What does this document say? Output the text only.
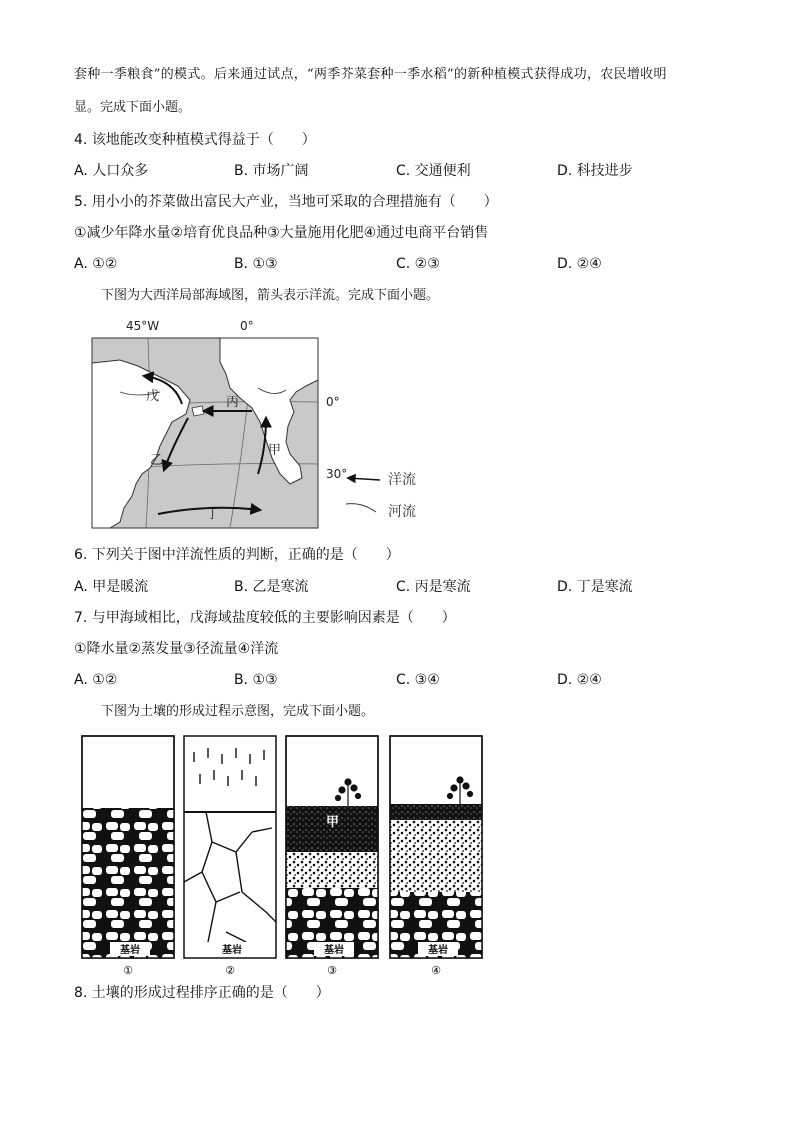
套种一季粮食”的模式。后来通过试点，“两季芥菜套种一季水稻”的新种植模式获得成功，农民增收明
显。完成下面小题。
4. 该地能改变种植模式得益于（　　）
A. 人口众多	B. 市场广阔	C. 交通便利	D. 科技进步
5. 用小小的芥菜做出富民大产业，当地可采取的合理措施有（　　）
①减少年降水量②培育优良品种③大量施用化肥④通过电商平台销售
A. ①②	B. ①③	C. ②③	D. ②④
下图为大西洋局部海域图，箭头表示洋流。完成下面小题。
45°W	0°
0°
30°
戊	丙
甲
乙
丁
洋流
河流
6. 下列关于图中洋流性质的判断，正确的是（　　）
A. 甲是暖流	B. 乙是寒流	C. 丙是寒流	D. 丁是寒流
7. 与甲海域相比，戊海域盐度较低的主要影响因素是（　　）
①降水量②蒸发量③径流量④洋流
A. ①②	B. ①③	C. ③④	D. ②④
下图为土壤的形成过程示意图，完成下面小题。
基岩
①
基岩
②
甲
基岩
③
基岩
④
8. 土壤的形成过程排序正确的是（　　）
